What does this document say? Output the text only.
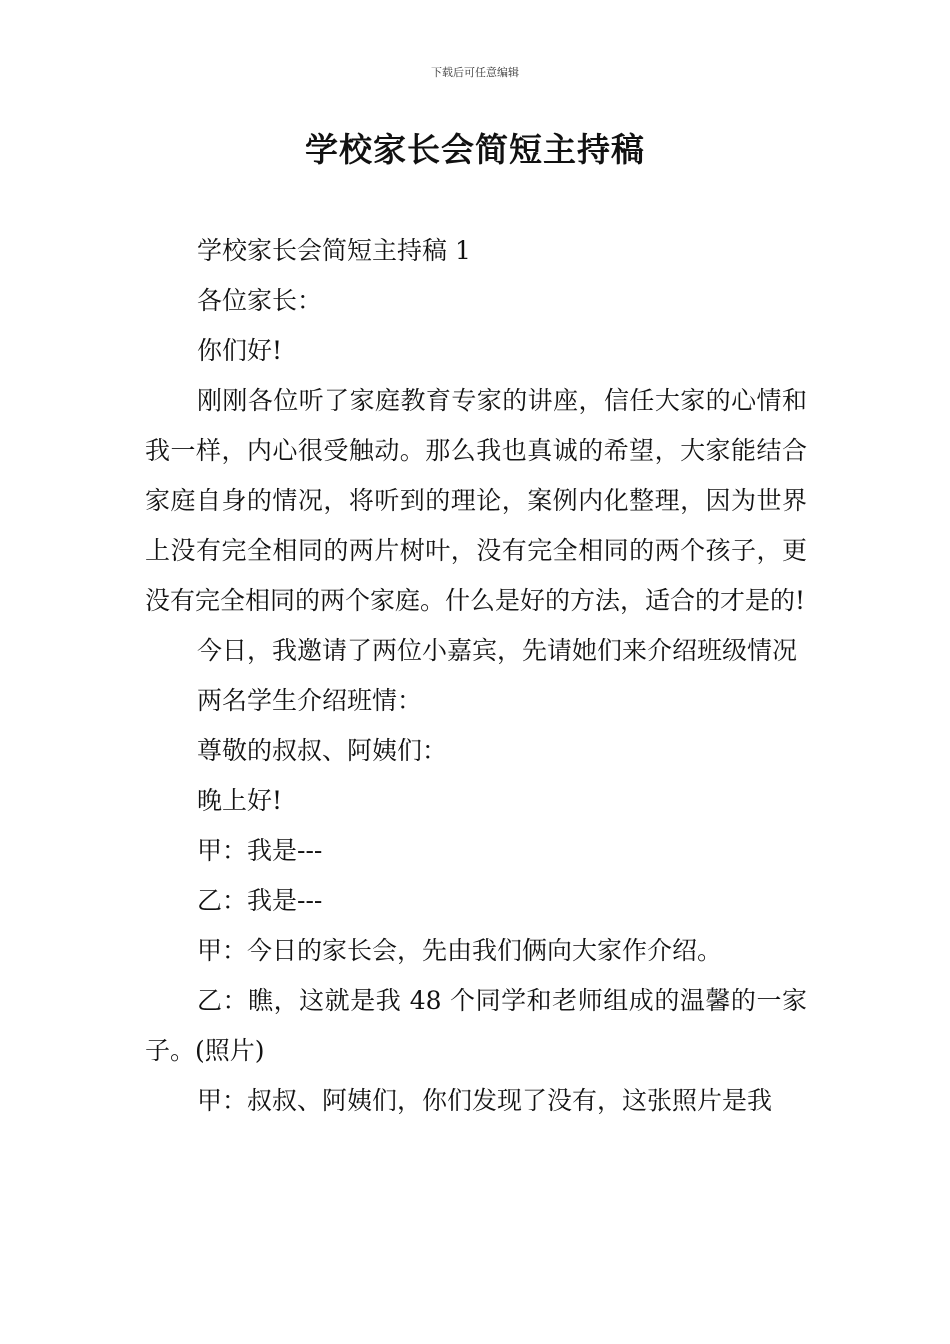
下载后可任意编辑
学校家长会简短主持稿

学校家长会简短主持稿 1

各位家长：

你们好!

刚刚各位听了家庭教育专家的讲座，信任大家的心情和我一样，内心很受触动。那么我也真诚的希望，大家能结合家庭自身的情况，将听到的理论，案例内化整理，因为世界上没有完全相同的两片树叶，没有完全相同的两个孩子，更没有完全相同的两个家庭。什么是好的方法，适合的才是的!

今日，我邀请了两位小嘉宾，先请她们来介绍班级情况

两名学生介绍班情：

尊敬的叔叔、阿姨们：

晚上好!

甲：我是---

乙：我是---

甲：今日的家长会，先由我们俩向大家作介绍。

乙：瞧，这就是我 48 个同学和老师组成的温馨的一家子。(照片)

甲：叔叔、阿姨们，你们发现了没有，这张照片是我
